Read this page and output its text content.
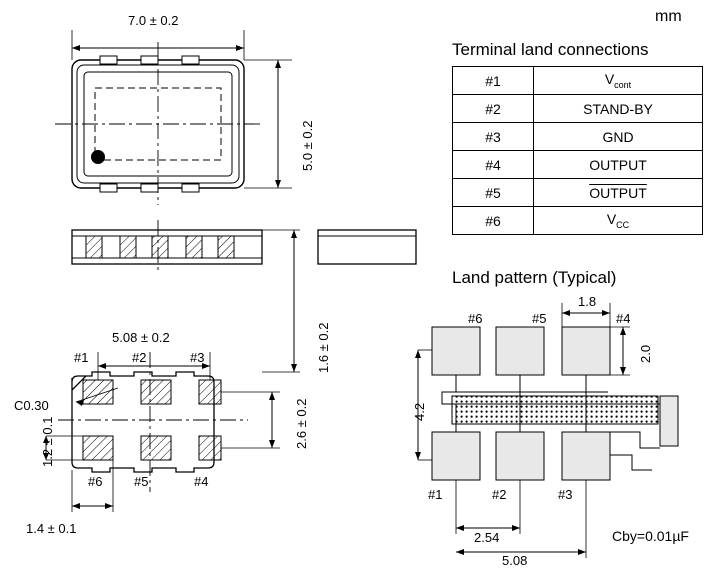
mm
7.0 ± 0.2
5.0 ± 0.2
1.6 ± 0.2
5.08 ± 0.2
2.6 ± 0.2
1.2 ± 0.1
1.4 ± 0.1
C0.30
#1	#2	#3
#6 #5	#4
Terminal land connections
#1	$V_{cont}$
#2	STAND-BY
#3	GND
#4	OUTPUT
#5	OUTPUT
#6	$V_{CC}$
Land pattern (Typical)
1.8
2.0
4.2
2.54
5.08
#6	#5	#4
#1	#2	#3
Cby=0.01µF
